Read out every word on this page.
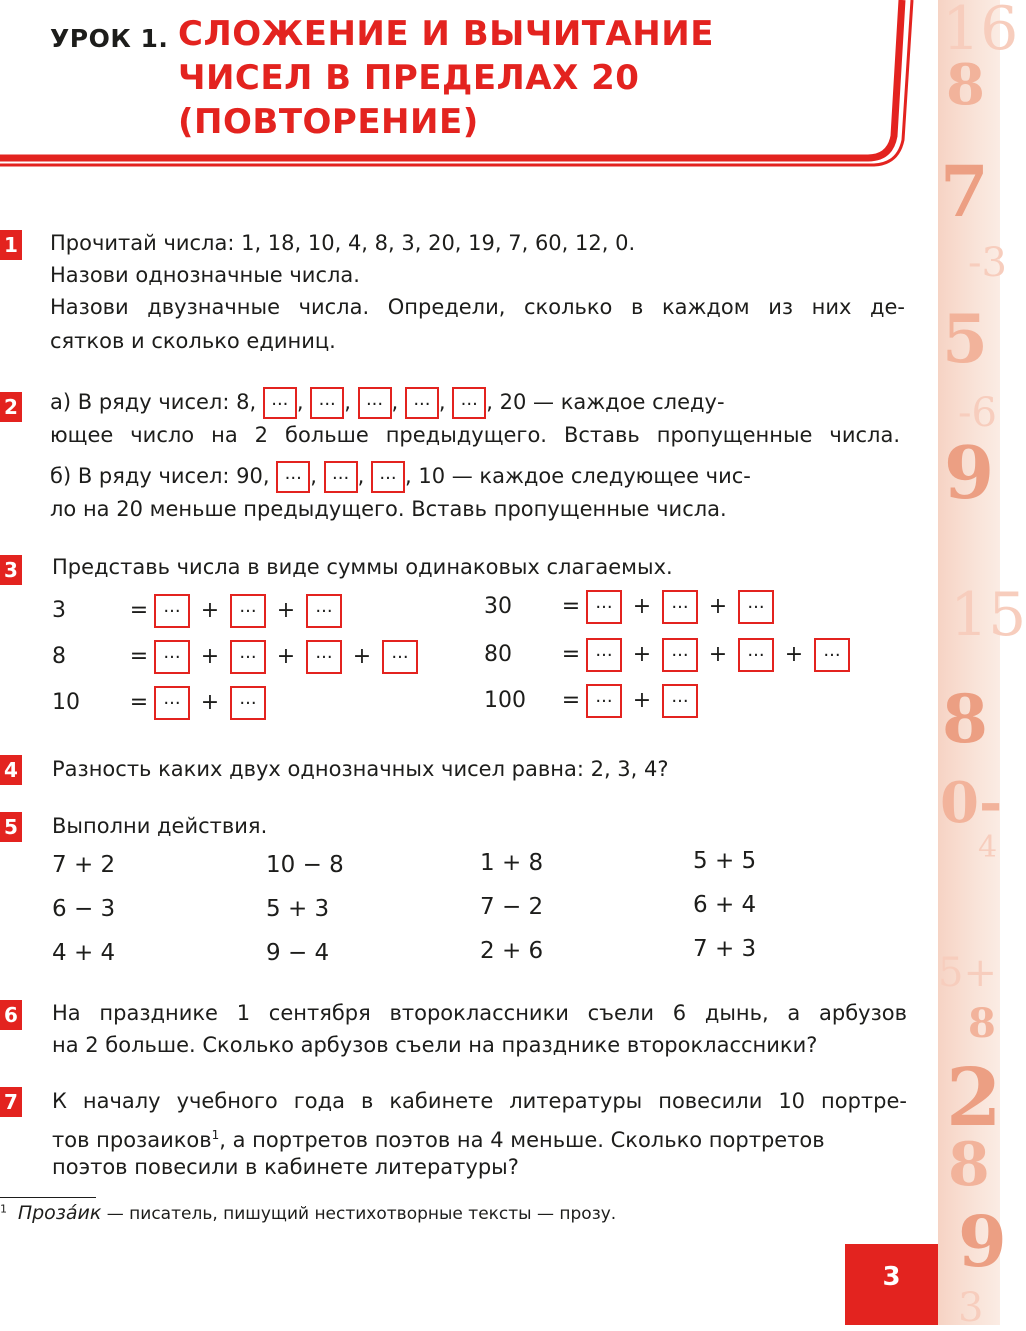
16
8
7
-3
5
-6
9
15
8
0-
4
5+
8
2
8
9
3
УРОК 1. СЛОЖЕНИЕ И ВЫЧИТАНИЕ
ЧИСЕЛ В ПРЕДЕЛАХ 20
(ПОВТОРЕНИЕ)
1 Прочитай числа: 1, 18, 10, 4, 8, 3, 20, 19, 7, 60, 12, 0.
Назови однозначные числа.
Назови двузначные числа. Определи, сколько в каждом из них де-
сятков и сколько единиц.
2 а) В ряду чисел: 8, ... , ... , ... , ... , ... , 20 — каждое следу-
ющее число на 2 больше предыдущего. Вставь пропущенные числа.
б) В ряду чисел: 90, ... , ... , ... , 10 — каждое следующее чис-
ло на 20 меньше предыдущего. Вставь пропущенные числа.
3 Представь числа в виде суммы одинаковых слагаемых.
3	= ... + ... + ...
8	= ... + ... + ... + ...
10 = ... + ...
30 = ... + ... + ...
80 = ... + ... + ... + ...
100 = ... + ...
4 Разность каких двух однозначных чисел равна: 2, 3, 4?
5 Выполни действия.
7 + 2
6 − 3
4 + 4
10 − 8
5 + 3
9 − 4
1 + 8
7 − 2
2 + 6
5 + 5
6 + 4
7 + 3
6 На празднике 1 сентября второклассники съели 6 дынь, а арбузов
на 2 больше. Сколько арбузов съели на празднике второклассники?
7 К началу учебного года в кабинете литературы повесили 10 портре-
тов прозаиков$^1$, а портретов поэтов на 4 меньше. Сколько портретов
поэтов повесили в кабинете литературы?
$^1$ Прозáик — писатель, пишущий нестихотворные тексты — прозу.
3
